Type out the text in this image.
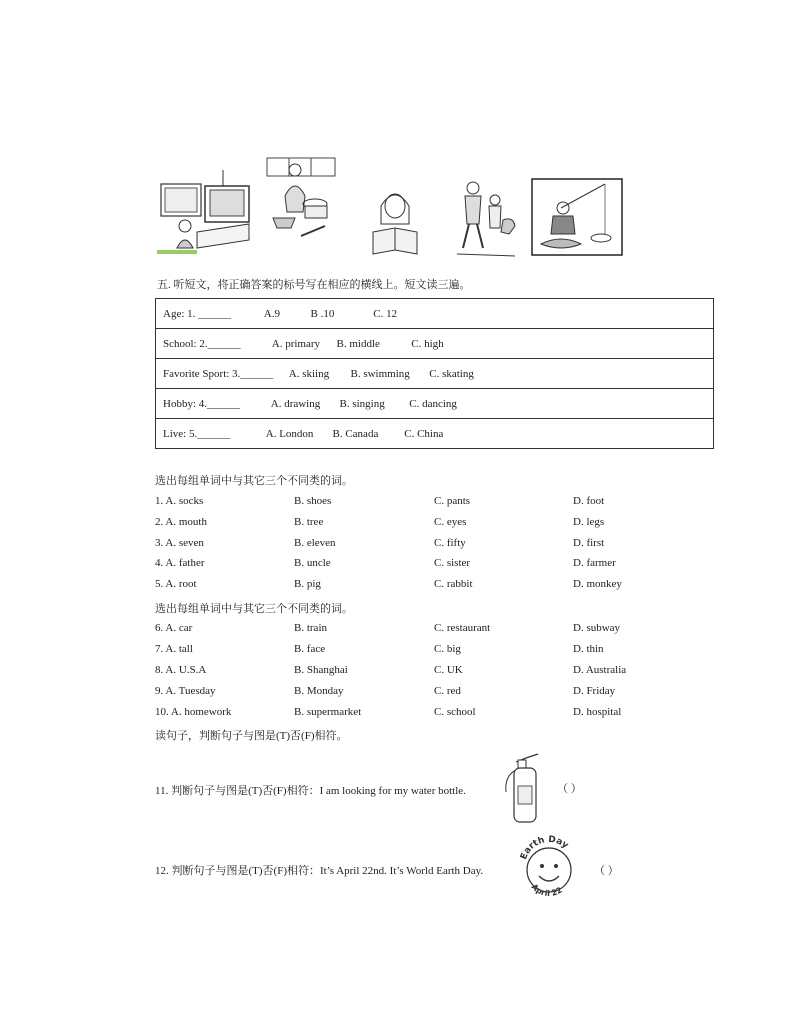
五. 听短文，将正确答案的标号写在相应的横线上。短文读三遍。
Age: 1. ______	A.9	B .10	C. 12
School: 2.______	A. primary B. middle	C. high
Favorite Sport: 3.______ A. skiing B. swimming C. skating
Hobby: 4.______	A. drawing B. singing C. dancing
Live: 5.______	A. London B. Canada C. China
选出每组单词中与其它三个不同类的词。
1. A. socks	B. shoes	C. pants	D. foot
2. A. mouth	B. tree	C. eyes	D. legs
3. A. seven	B. eleven	C. fifty	D. first
4. A. father	B. uncle	C. sister	D. farmer
5. A. root	B. pig	C. rabbit	D. monkey
选出每组单词中与其它三个不同类的词。
6. A. car	B. train	C. restaurant	D. subway
7. A. tall	B. face	C. big	D. thin
8. A. U.S.A	B. Shanghai	C. UK	D. Australia
9. A. Tuesday	B. Monday	C. red	D. Friday
10. A. homework	B. supermarket	C. school	D. hospital
读句子，判断句子与图是(T)否(F)相符。
11. 判断句子与图是(T)否(F)相符：I am looking for my water bottle.	（ ）
12. 判断句子与图是(T)否(F)相符：It’s April 22nd. It’s World Earth Day.
Earth Day
April 22
（ ）
